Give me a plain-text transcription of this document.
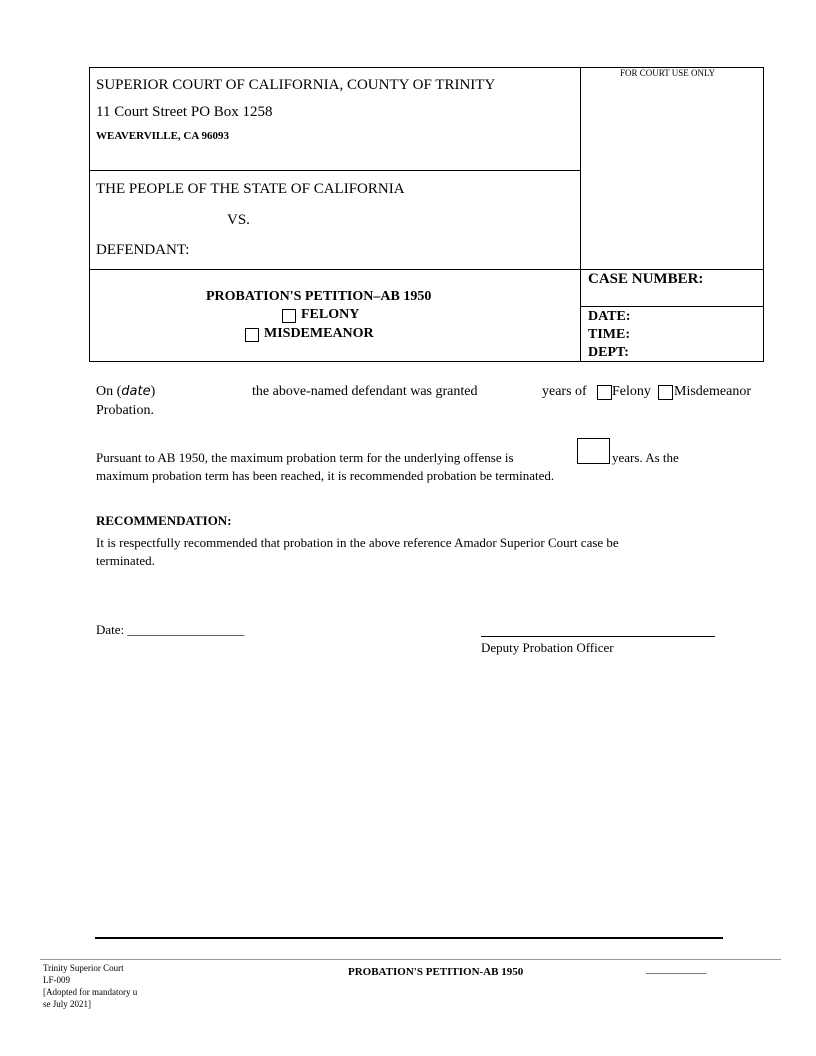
SUPERIOR COURT OF CALIFORNIA, COUNTY OF TRINITY
11 Court Street PO Box 1258
WEAVERVILLE, CA 96093
FOR COURT USE ONLY
THE PEOPLE OF THE STATE OF CALIFORNIA
VS.
DEFENDANT:
PROBATION'S PETITION–AB 1950
FELONY
MISDEMEANOR
CASE NUMBER:
DATE:
TIME:
DEPT:
On (date)	the above-named defendant was granted	years of Felony Misdemeanor
Probation.
Pursuant to AB 1950, the maximum probation term for the underlying offense is	years. As the
maximum probation term has been reached, it is recommended probation be terminated.
RECOMMENDATION:
It is respectfully recommended that probation in the above reference Amador Superior Court case be
terminated.
Date: __________________
Deputy Probation Officer
Trinity Superior Court
LF-009
[Adopted for mandatory u
se July 2021]
PROBATION'S PETITION-AB 1950	___________
